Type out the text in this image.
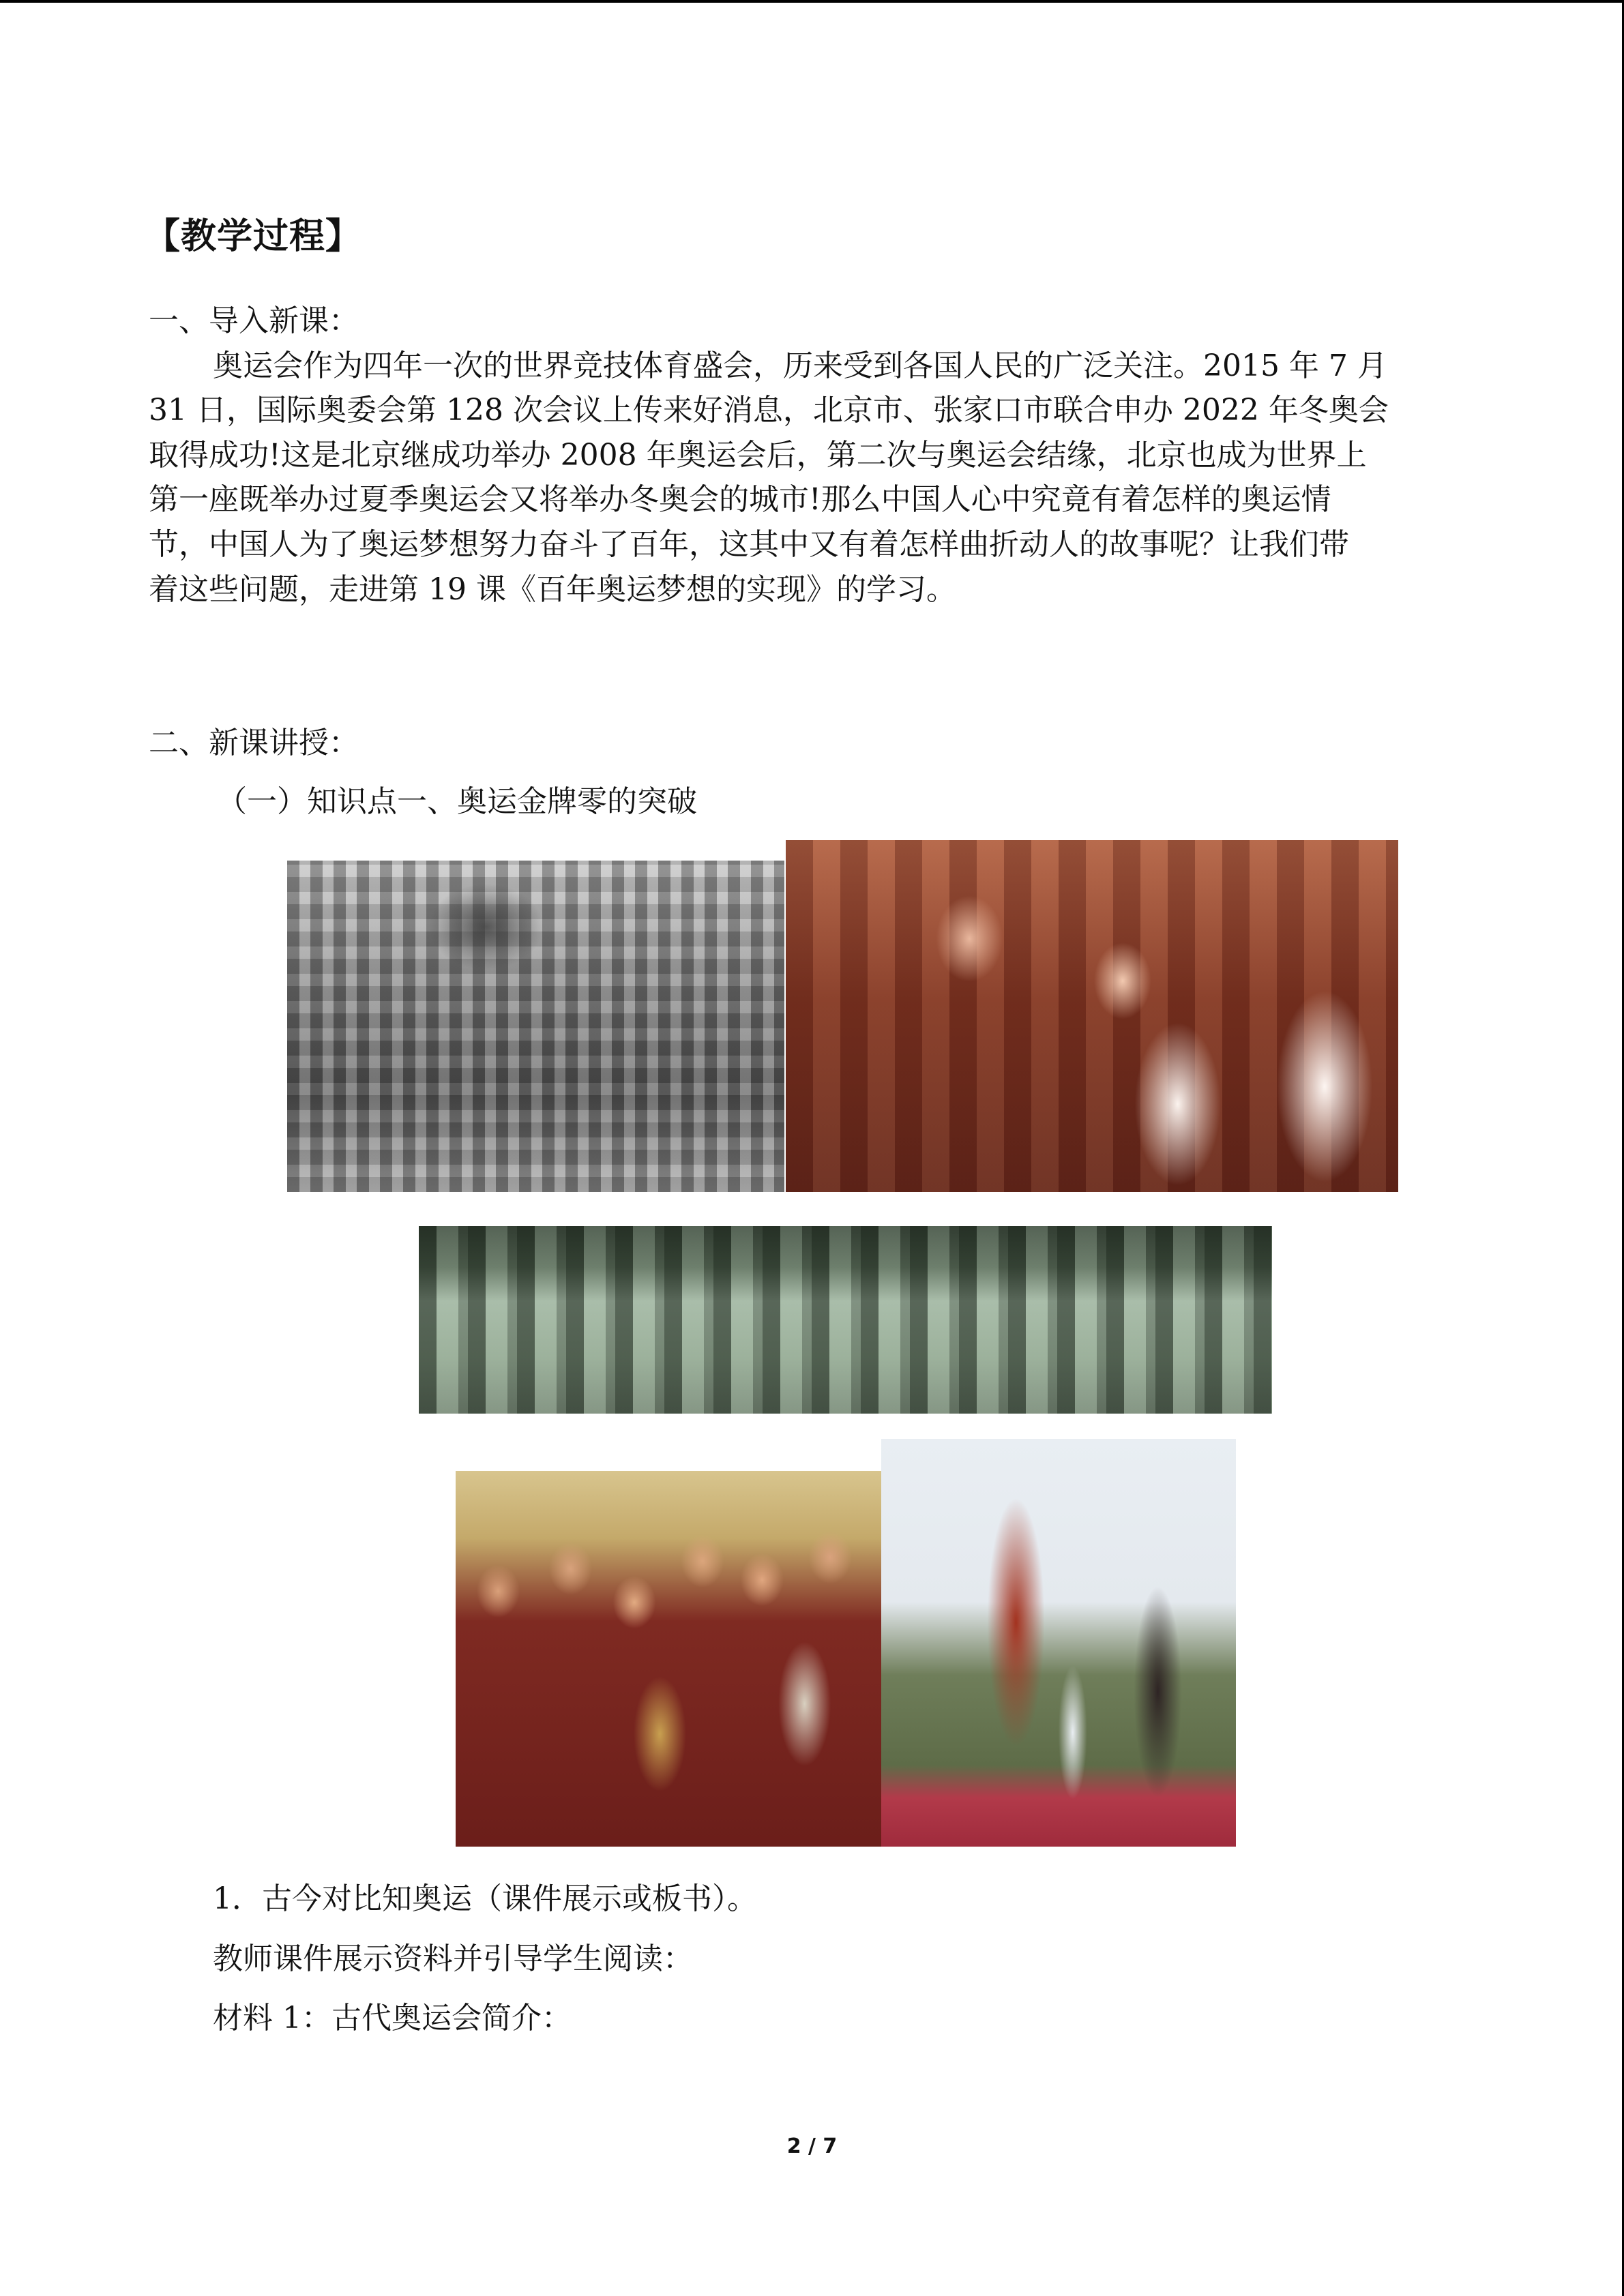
【教学过程】
一、导入新课：
奥运会作为四年一次的世界竞技体育盛会，历来受到各国人民的广泛关注。2015 年 7 月
31 日，国际奥委会第 128 次会议上传来好消息，北京市、张家口市联合申办 2022 年冬奥会
取得成功!这是北京继成功举办 2008 年奥运会后，第二次与奥运会结缘，北京也成为世界上
第一座既举办过夏季奥运会又将举办冬奥会的城市!那么中国人心中究竟有着怎样的奥运情
节，中国人为了奥运梦想努力奋斗了百年，这其中又有着怎样曲折动人的故事呢？让我们带
着这些问题，走进第 19 课《百年奥运梦想的实现》的学习。
二、新课讲授：
（一）知识点一、奥运金牌零的突破
1．古今对比知奥运（课件展示或板书）。
教师课件展示资料并引导学生阅读：
材料 1：古代奥运会简介：
2 / 7
